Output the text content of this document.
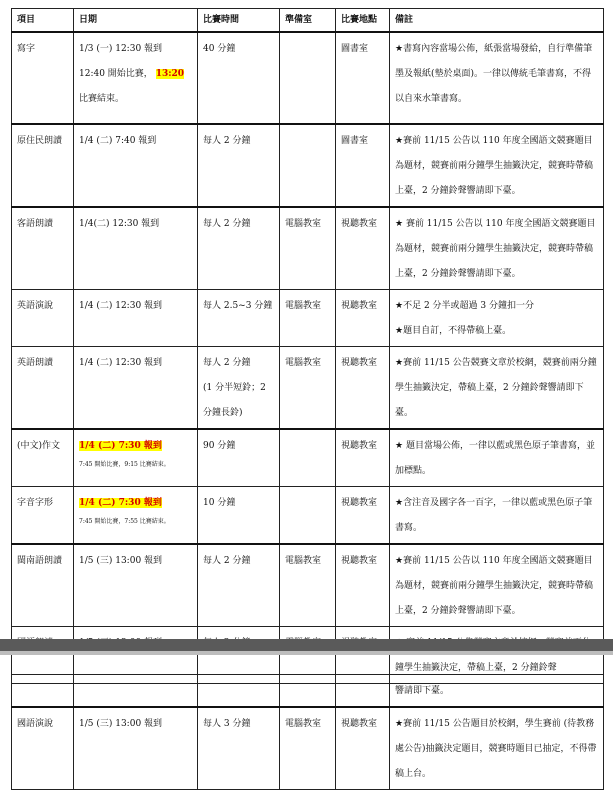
項目	日期	比賽時間	準備室	比賽地點	備註
寫字	1/3 (一) 12:30 報到
12:40 開始比賽， 13:20
比賽結束。	40 分鐘		圖書室	★書寫內容當場公佈，紙張當場發給，自行準備筆墨及報紙(墊於桌面)。一律以傳統毛筆書寫，不得以自來水筆書寫。
原住民朗讀	1/4 (二) 7:40 報到	每人 2 分鐘		圖書室	★賽前 11/15 公告以 110 年度全國語文競賽題目為題材，競賽前兩分鐘學生抽籤決定，競賽時帶稿上臺，2 分鐘鈴聲響請即下臺。
客語朗讀	1/4(二) 12:30 報到	每人 2 分鐘	電腦教室	視聽教室	★ 賽前 11/15 公告以 110 年度全國語文競賽題目為題材，競賽前兩分鐘學生抽籤決定，競賽時帶稿上臺，2 分鐘鈴聲響請即下臺。
英語演說	1/4 (二) 12:30 報到	每人 2.5~3 分鐘	電腦教室	視聽教室	★不足 2 分半或超過 3 分鐘扣一分
★題目自訂，不得帶稿上臺。
英語朗讀	1/4 (二) 12:30 報到	每人 2 分鐘
(1 分半短鈴；2 分鐘長鈴)	電腦教室	視聽教室	★賽前 11/15 公告競賽文章於校網，競賽前兩分鐘學生抽籤決定，帶稿上臺，2 分鐘鈴聲響請即下臺。
(中文)作文	1/4 (二) 7:30 報到
7:45 開始比賽，9:15 比賽結束。	90 分鐘		視聽教室	★ 題目當場公佈，一律以藍或黑色原子筆書寫，並加標點。
字音字形	1/4 (二) 7:30 報到
7:45 開始比賽，7:55 比賽結束。	10 分鐘		視聽教室	★含注音及國字各一百字，一律以藍或黑色原子筆書寫。
閩南語朗讀	1/5 (三) 13:00 報到	每人 2 分鐘	電腦教室	視聽教室	★賽前 11/15 公告以 110 年度全國語文競賽題目為題材，競賽前兩分鐘學生抽籤決定，競賽時帶稿上臺，2 分鐘鈴聲響請即下臺。
					鐘學生抽籤決定，帶稿上臺，2 分鐘鈴聲
					響請即下臺。
國語演說	1/5 (三) 13:00 報到	每人 3 分鐘	電腦教室	視聽教室	★賽前 11/15 公告題目於校網，學生賽前 (待教務處公告)抽籤決定題目，競賽時題目已抽定，不得帶稿上台。
